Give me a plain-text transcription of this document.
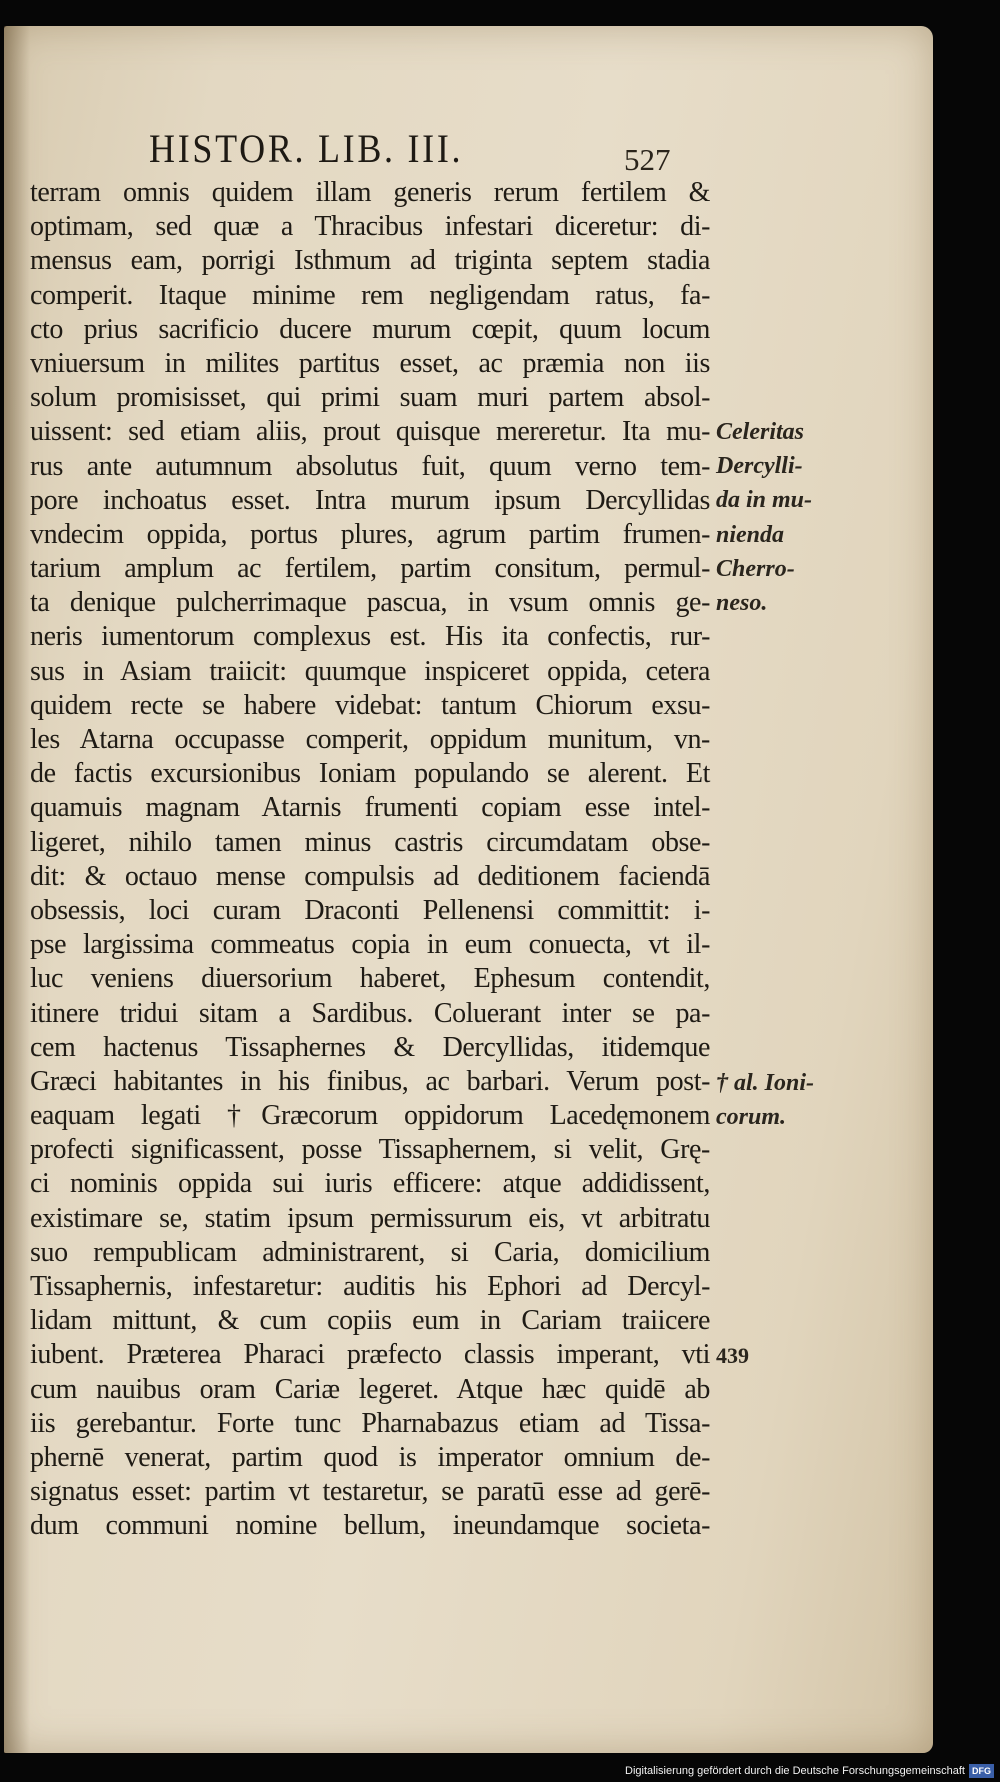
HISTOR. LIB. III.	527
terram omnis quidem illam generis rerum fertilem &
optimam, sed quæ a Thracibus infestari diceretur: di-
mensus eam, porrigi Isthmum ad triginta septem stadia
comperit. Itaque minime rem negligendam ratus, fa-
cto prius sacrificio ducere murum cœpit, quum locum
vniuersum in milites partitus esset, ac præmia non iis
solum promisisset, qui primi suam muri partem absol-
uissent: sed etiam aliis, prout quisque mereretur. Ita mu-
rus ante autumnum absolutus fuit, quum verno tem-
pore inchoatus esset. Intra murum ipsum Dercyllidas
vndecim oppida, portus plures, agrum partim frumen-
tarium amplum ac fertilem, partim consitum, permul-
ta denique pulcherrimaque pascua, in vsum omnis ge-
neris iumentorum complexus est. His ita confectis, rur-
sus in Asiam traiicit: quumque inspiceret oppida, cetera
quidem recte se habere videbat: tantum Chiorum exsu-
les Atarna occupasse comperit, oppidum munitum, vn-
de factis excursionibus Ioniam populando se alerent. Et
quamuis magnam Atarnis frumenti copiam esse intel-
ligeret, nihilo tamen minus castris circumdatam obse-
dit: & octauo mense compulsis ad deditionem faciendā
obsessis, loci curam Draconti Pellenensi committit: i-
pse largissima commeatus copia in eum conuecta, vt il-
luc veniens diuersorium haberet, Ephesum contendit,
itinere tridui sitam a Sardibus. Coluerant inter se pa-
cem hactenus Tissaphernes & Dercyllidas, itidemque
Græci habitantes in his finibus, ac barbari. Verum post-
eaquam legati †Græcorum oppidorum Lacedęmonem
profecti significassent, posse Tissaphernem, si velit, Grę-
ci nominis oppida sui iuris efficere: atque addidissent,
existimare se, statim ipsum permissurum eis, vt arbitratu
suo rempublicam administrarent, si Caria, domicilium
Tissaphernis, infestaretur: auditis his Ephori ad Dercyl-
lidam mittunt, & cum copiis eum in Cariam traiicere
iubent. Præterea Pharaci præfecto classis imperant, vti
cum nauibus oram Cariæ legeret. Atque hæc quidē ab
iis gerebantur. Forte tunc Pharnabazus etiam ad Tissa-
phernē venerat, partim quod is imperator omnium de-
signatus esset: partim vt testaretur, se paratū esse ad gerē-
dum communi nomine bellum, ineundamque societa-
Celeritas
Dercylli-
da in mu-
nienda
Cherro-
neso.
† al. Ioni-
corum.
439
Digitalisierung gefördert durch die Deutsche Forschungsgemeinschaft DFG
